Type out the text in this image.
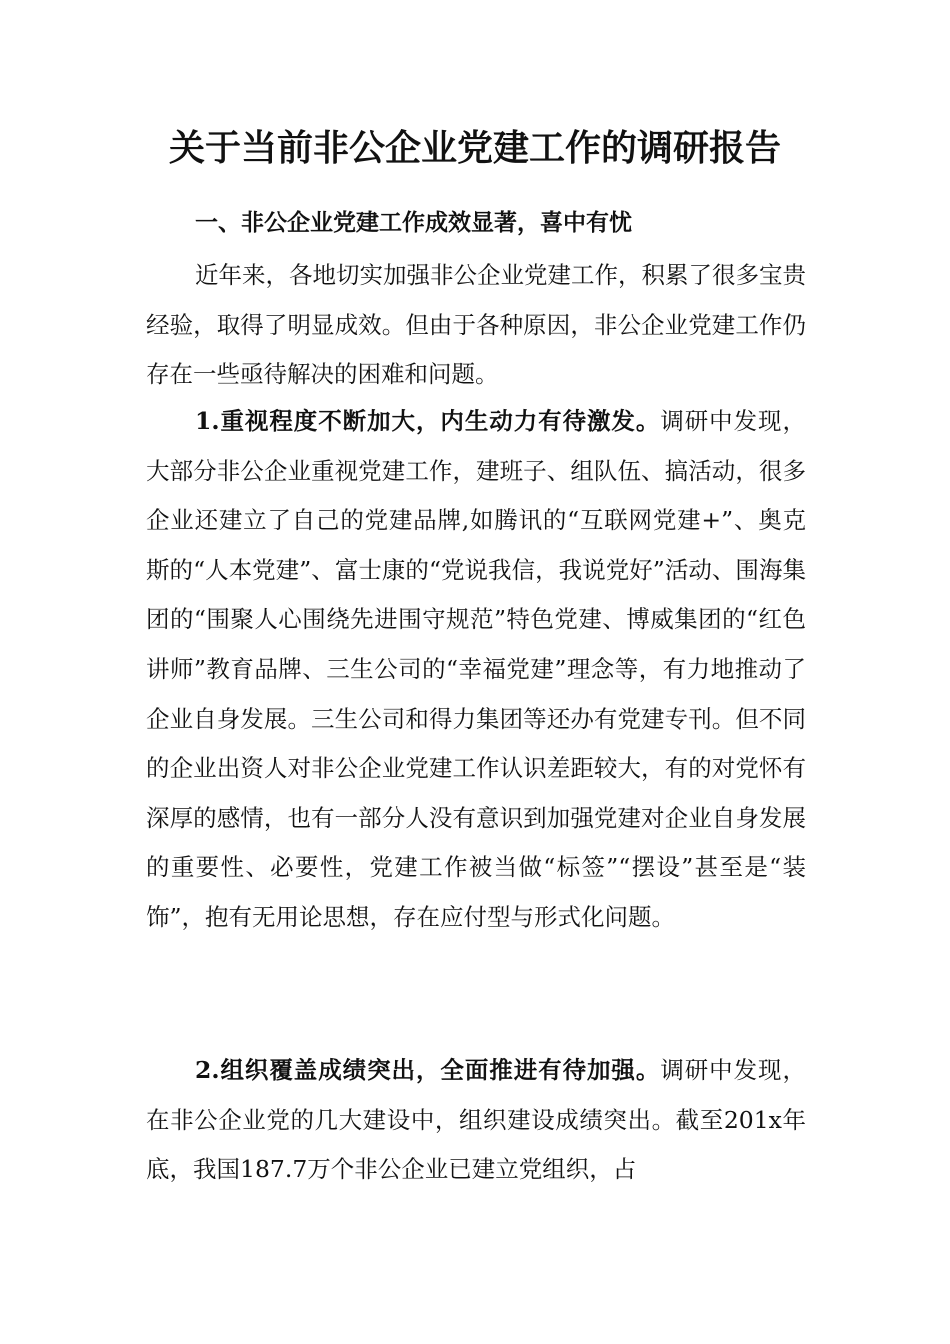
关于当前非公企业党建工作的调研报告
一、非公企业党建工作成效显著，喜中有忧

近年来，各地切实加强非公企业党建工作，积累了很多宝贵经验，取得了明显成效。但由于各种原因，非公企业党建工作仍存在一些亟待解决的困难和问题。

1.重视程度不断加大，内生动力有待激发。调研中发现，大部分非公企业重视党建工作，建班子、组队伍、搞活动，很多企业还建立了自己的党建品牌,如腾讯的“互联网党建+”、奥克斯的“人本党建”、富士康的“党说我信，我说党好”活动、围海集团的“围聚人心围绕先进围守规范”特色党建、博威集团的“红色讲师”教育品牌、三生公司的“幸福党建”理念等，有力地推动了企业自身发展。三生公司和得力集团等还办有党建专刊。但不同的企业出资人对非公企业党建工作认识差距较大，有的对党怀有深厚的感情，也有一部分人没有意识到加强党建对企业自身发展的重要性、必要性，党建工作被当做“标签”“摆设”甚至是“装饰”，抱有无用论思想，存在应付型与形式化问题。

2.组织覆盖成绩突出，全面推进有待加强。调研中发现，在非公企业党的几大建设中，组织建设成绩突出。截至201x年底，我国187.7万个非公企业已建立党组织，占
